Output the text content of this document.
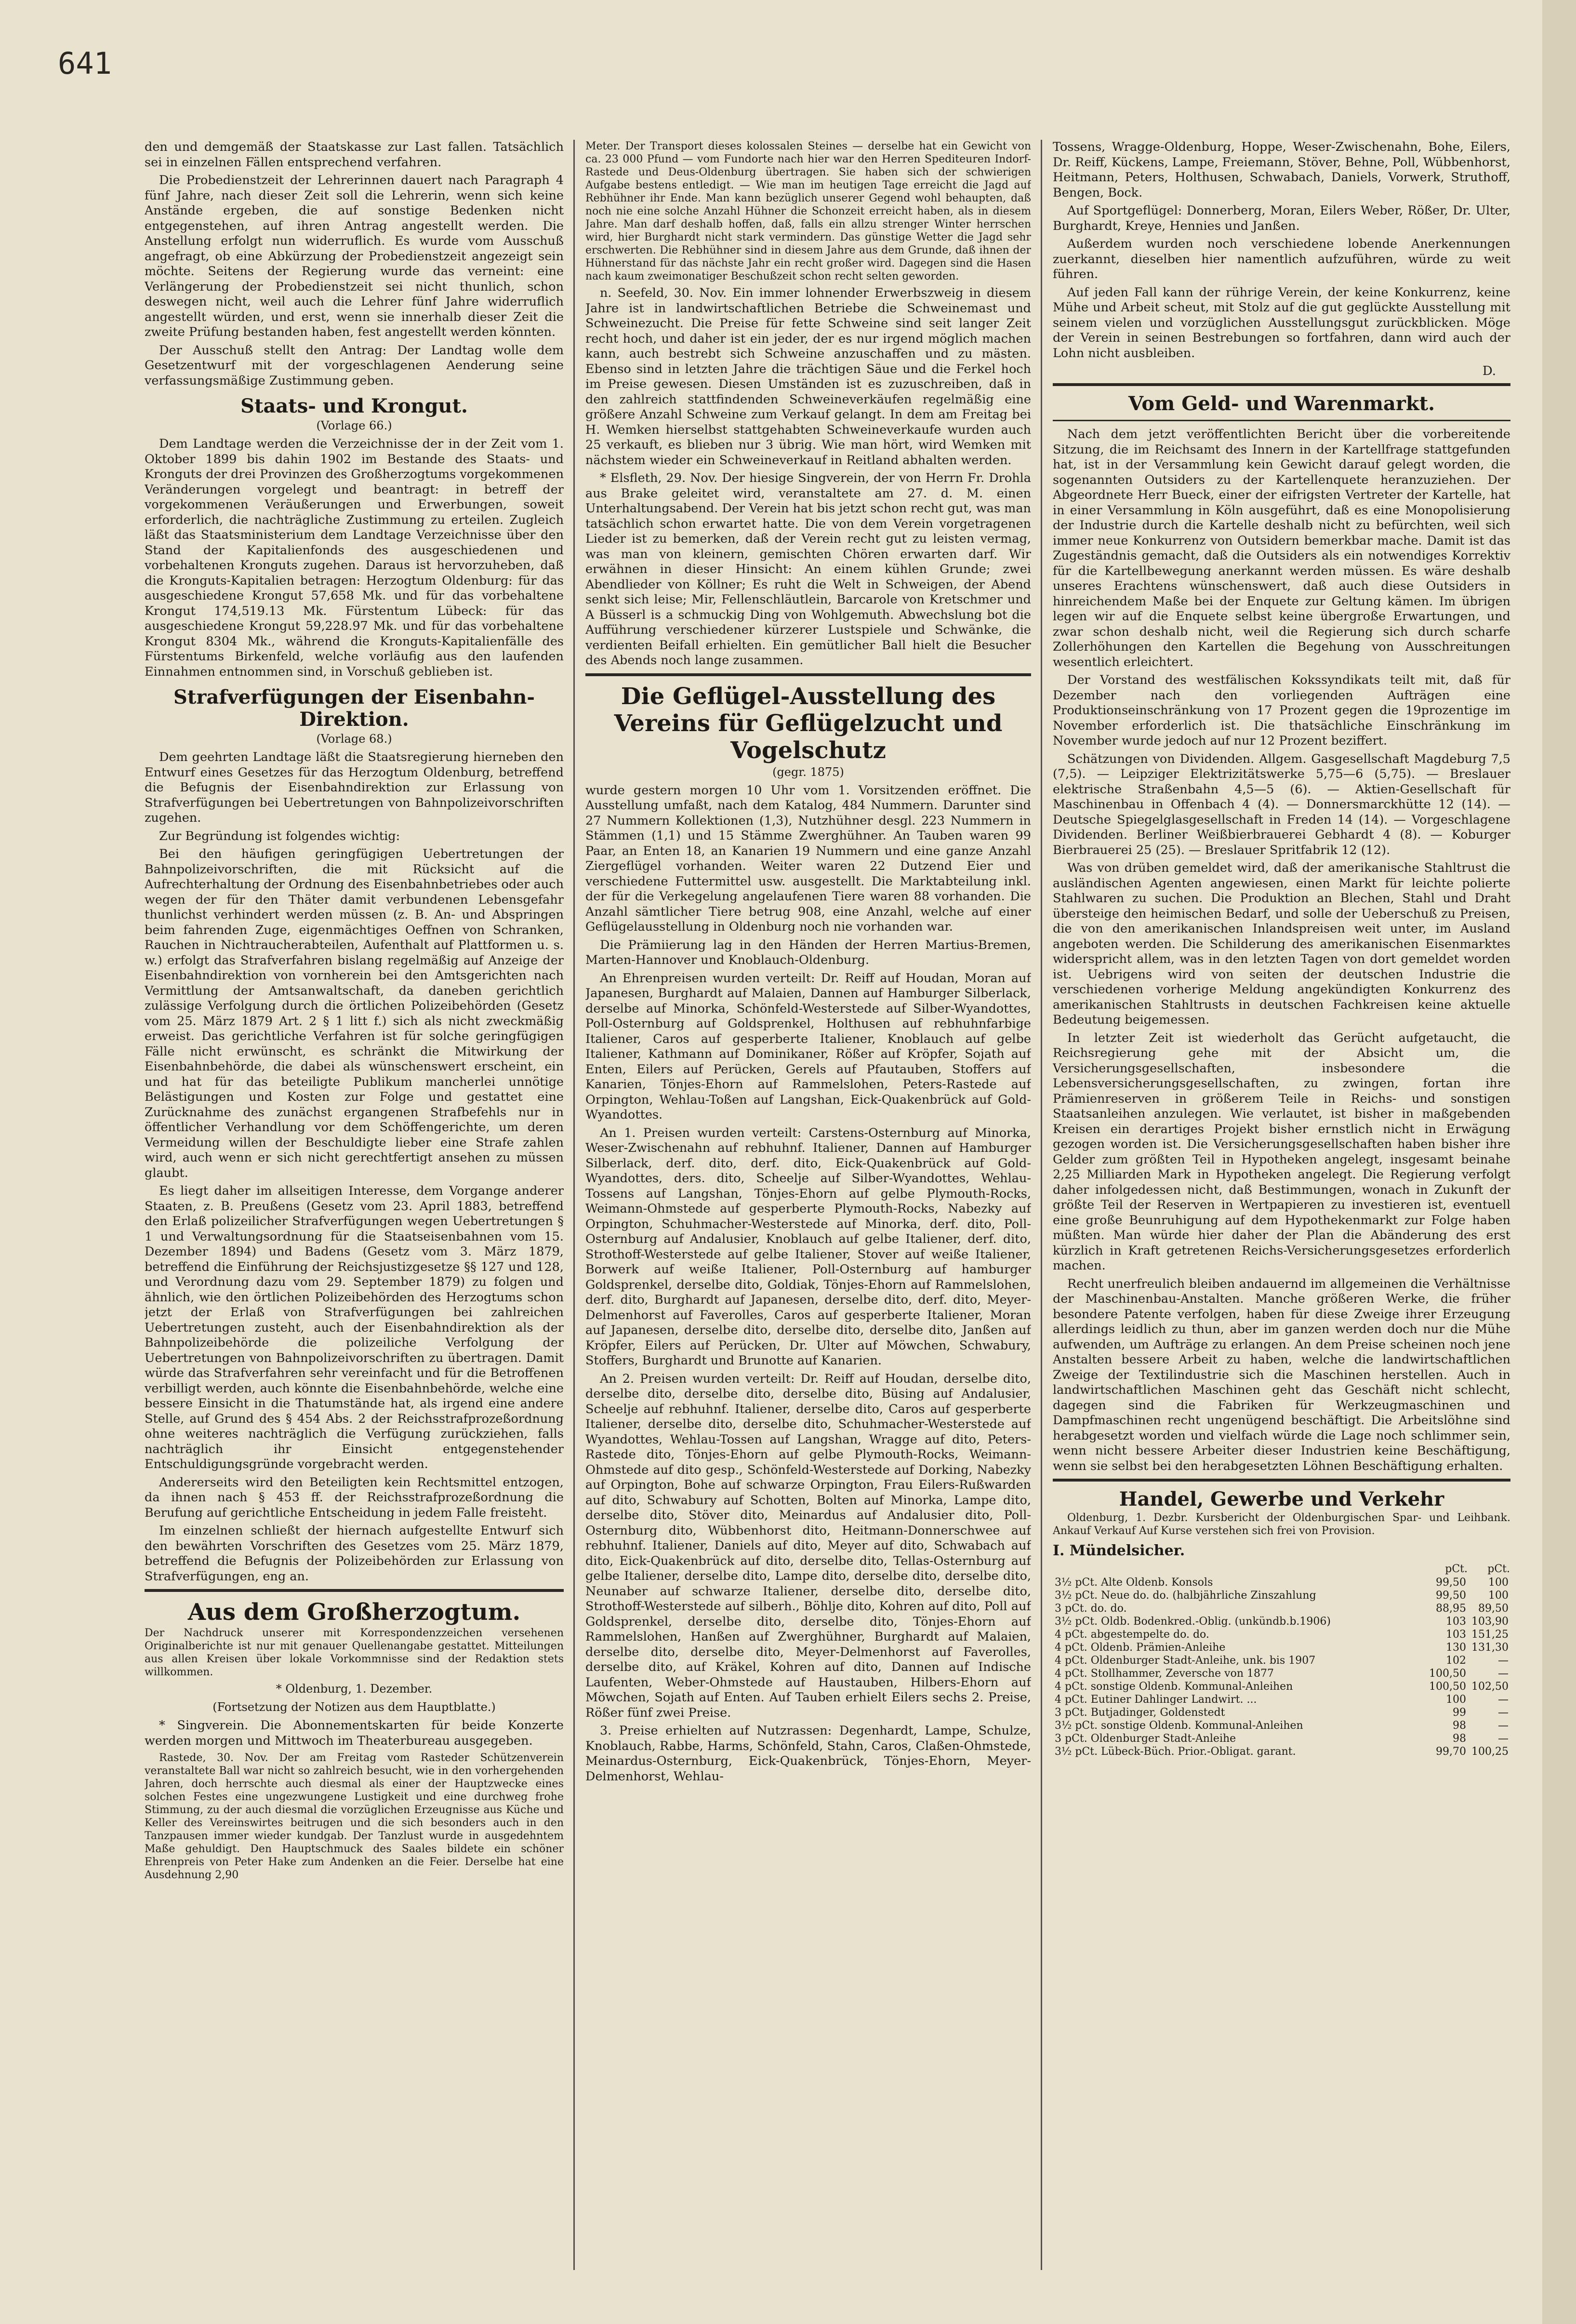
641

den und demgemäß der Staatskasse zur Last fallen. Tatsächlich sei in einzelnen Fällen entsprechend verfahren.

Die Probedienstzeit der Lehrerinnen dauert nach Paragraph 4 fünf Jahre, nach dieser Zeit soll die Lehrerin, wenn sich keine Anstände ergeben, die auf sonstige Bedenken nicht entgegenstehen, auf ihren Antrag angestellt werden. Die Anstellung erfolgt nun widerruflich. Es wurde vom Ausschuß angefragt, ob eine Abkürzung der Probedienstzeit angezeigt sein möchte. Seitens der Regierung wurde das verneint: eine Verlängerung der Probedienstzeit sei nicht thunlich, schon deswegen nicht, weil auch die Lehrer fünf Jahre widerruflich angestellt würden, und erst, wenn sie innerhalb dieser Zeit die zweite Prüfung bestanden haben, fest angestellt werden könnten.

Der Ausschuß stellt den Antrag: Der Landtag wolle dem Gesetzentwurf mit der vorgeschlagenen Aenderung seine verfassungsmäßige Zustimmung geben.

Staats- und Krongut.
(Vorlage 66.)

Dem Landtage werden die Verzeichnisse der in der Zeit vom 1. Oktober 1899 bis dahin 1902 im Bestande des Staats- und Kronguts der drei Provinzen des Großherzogtums vorgekommenen Veränderungen vorgelegt und beantragt: in betreff der vorgekommenen Veräußerungen und Erwerbungen, soweit erforderlich, die nachträgliche Zustimmung zu erteilen. Zugleich läßt das Staatsministerium dem Landtage Verzeichnisse über den Stand der Kapitalienfonds des ausgeschiedenen und vorbehaltenen Kronguts zugehen. Daraus ist hervorzuheben, daß die Kronguts-Kapitalien betragen: Herzogtum Oldenburg: für das ausgeschiedene Krongut 57,658 Mk. und für das vorbehaltene Krongut 174,519.13 Mk. Fürstentum Lübeck: für das ausgeschiedene Krongut 59,228.97 Mk. und für das vorbehaltene Krongut 8304 Mk., während die Kronguts-Kapitalienfälle des Fürstentums Birkenfeld, welche vorläufig aus den laufenden Einnahmen entnommen sind, in Vorschuß geblieben ist.

Strafverfügungen der Eisenbahn-Direktion.
(Vorlage 68.)

Dem geehrten Landtage läßt die Staatsregierung hierneben den Entwurf eines Gesetzes für das Herzogtum Oldenburg, betreffend die Befugnis der Eisenbahndirektion zur Erlassung von Strafverfügungen bei Uebertretungen von Bahnpolizeivorschriften zugehen.

Zur Begründung ist folgendes wichtig:

Bei den häufigen geringfügigen Uebertretungen der Bahnpolizeivorschriften, die mit Rücksicht auf die Aufrechterhaltung der Ordnung des Eisenbahnbetriebes oder auch wegen der für den Thäter damit verbundenen Lebensgefahr thunlichst verhindert werden müssen (z. B. An- und Abspringen beim fahrenden Zuge, eigenmächtiges Oeffnen von Schranken, Rauchen in Nichtraucherabteilen, Aufenthalt auf Plattformen u. s. w.) erfolgt das Strafverfahren bislang regelmäßig auf Anzeige der Eisenbahndirektion von vornherein bei den Amtsgerichten nach Vermittlung der Amtsanwaltschaft, da daneben gerichtlich zulässige Verfolgung durch die örtlichen Polizeibehörden (Gesetz vom 25. März 1879 Art. 2 § 1 litt f.) sich als nicht zweckmäßig erweist. Das gerichtliche Verfahren ist für solche geringfügigen Fälle nicht erwünscht, es schränkt die Mitwirkung der Eisenbahnbehörde, die dabei als wünschenswert erscheint, ein und hat für das beteiligte Publikum mancherlei unnötige Belästigungen und Kosten zur Folge und gestattet eine Zurücknahme des zunächst ergangenen Strafbefehls nur in öffentlicher Verhandlung vor dem Schöffengerichte, um deren Vermeidung willen der Beschuldigte lieber eine Strafe zahlen wird, auch wenn er sich nicht gerechtfertigt ansehen zu müssen glaubt.

Es liegt daher im allseitigen Interesse, dem Vorgange anderer Staaten, z. B. Preußens (Gesetz vom 23. April 1883, betreffend den Erlaß polizeilicher Strafverfügungen wegen Uebertretungen § 1 und Verwaltungsordnung für die Staatseisenbahnen vom 15. Dezember 1894) und Badens (Gesetz vom 3. März 1879, betreffend die Einführung der Reichsjustizgesetze §§ 127 und 128, und Verordnung dazu vom 29. September 1879) zu folgen und ähnlich, wie den örtlichen Polizeibehörden des Herzogtums schon jetzt der Erlaß von Strafverfügungen bei zahlreichen Uebertretungen zusteht, auch der Eisenbahndirektion als der Bahnpolizeibehörde die polizeiliche Verfolgung der Uebertretungen von Bahnpolizeivorschriften zu übertragen. Damit würde das Strafverfahren sehr vereinfacht und für die Betroffenen verbilligt werden, auch könnte die Eisenbahnbehörde, welche eine bessere Einsicht in die Thatumstände hat, als irgend eine andere Stelle, auf Grund des § 454 Abs. 2 der Reichsstrafprozeßordnung ohne weiteres nachträglich die Verfügung zurückziehen, falls nachträglich ihr Einsicht entgegenstehender Entschuldigungsgründe vorgebracht werden.

Andererseits wird den Beteiligten kein Rechtsmittel entzogen, da ihnen nach § 453 ff. der Reichsstrafprozeßordnung die Berufung auf gerichtliche Entscheidung in jedem Falle freisteht.

Im einzelnen schließt der hiernach aufgestellte Entwurf sich den bewährten Vorschriften des Gesetzes vom 25. März 1879, betreffend die Befugnis der Polizeibehörden zur Erlassung von Strafverfügungen, eng an.

Aus dem Großherzogtum.

Der Nachdruck unserer mit Korrespondenzzeichen versehenen Originalberichte ist nur mit genauer Quellenangabe gestattet. Mitteilungen aus allen Kreisen über lokale Vorkommnisse sind der Redaktion stets willkommen.

* Oldenburg, 1. Dezember.
(Fortsetzung der Notizen aus dem Hauptblatte.)

* Singverein. Die Abonnementskarten für beide Konzerte werden morgen und Mittwoch im Theaterbureau ausgegeben.

Rastede, 30. Nov. Der am Freitag vom Rasteder Schützenverein veranstaltete Ball war nicht so zahlreich besucht, wie in den vorhergehenden Jahren, doch herrschte auch diesmal als einer der Hauptzwecke eines solchen Festes eine ungezwungene Lustigkeit und eine durchweg frohe Stimmung, zu der auch diesmal die vorzüglichen Erzeugnisse aus Küche und Keller des Vereinswirtes beitrugen und die sich besonders auch in den Tanzpausen immer wieder kundgab. Der Tanzlust wurde in ausgedehntem Maße gehuldigt. Den Hauptschmuck des Saales bildete ein schöner Ehrenpreis von Peter Hake zum Andenken an die Feier. Derselbe hat eine Ausdehnung 2,90

Meter. Der Transport dieses kolossalen Steines — derselbe hat ein Gewicht von ca. 23 000 Pfund — vom Fundorte nach hier war den Herren Spediteuren Indorf-Rastede und Deus-Oldenburg übertragen. Sie haben sich der schwierigen Aufgabe bestens entledigt. — Wie man im heutigen Tage erreicht die Jagd auf Rebhühner ihr Ende. Man kann bezüglich unserer Gegend wohl behaupten, daß noch nie eine solche Anzahl Hühner die Schonzeit erreicht haben, als in diesem Jahre. Man darf deshalb hoffen, daß, falls ein allzu strenger Winter herrschen wird, hier Burghardt nicht stark vermindern. Das günstige Wetter die Jagd sehr erschwerten. Die Rebhühner sind in diesem Jahre aus dem Grunde, daß ihnen der Hühnerstand für das nächste Jahr ein recht großer wird. Dagegen sind die Hasen nach kaum zweimonatiger Beschußzeit schon recht selten geworden.

n. Seefeld, 30. Nov. Ein immer lohnender Erwerbszweig in diesem Jahre ist in landwirtschaftlichen Betriebe die Schweinemast und Schweinezucht. Die Preise für fette Schweine sind seit langer Zeit recht hoch, und daher ist ein jeder, der es nur irgend möglich machen kann, auch bestrebt sich Schweine anzuschaffen und zu mästen. Ebenso sind in letzten Jahre die trächtigen Säue und die Ferkel hoch im Preise gewesen. Diesen Umständen ist es zuzuschreiben, daß in den zahlreich stattfindenden Schweineverkäufen regelmäßig eine größere Anzahl Schweine zum Verkauf gelangt. In dem am Freitag bei H. Wemken hierselbst stattgehabten Schweineverkaufe wurden auch 25 verkauft, es blieben nur 3 übrig. Wie man hört, wird Wemken mit nächstem wieder ein Schweineverkauf in Reitland abhalten werden.

* Elsfleth, 29. Nov. Der hiesige Singverein, der von Herrn Fr. Drohla aus Brake geleitet wird, veranstaltete am 27. d. M. einen Unterhaltungsabend. Der Verein hat bis jetzt schon recht gut, was man tatsächlich schon erwartet hatte. Die von dem Verein vorgetragenen Lieder ist zu bemerken, daß der Verein recht gut zu leisten vermag, was man von kleinern, gemischten Chören erwarten darf. Wir erwähnen in dieser Hinsicht: An einem kühlen Grunde; zwei Abendlieder von Köllner; Es ruht die Welt in Schweigen, der Abend senkt sich leise; Mir, Fellenschläutlein, Barcarole von Kretschmer und A Büsserl is a schmuckig Ding von Wohlgemuth. Abwechslung bot die Aufführung verschiedener kürzerer Lustspiele und Schwänke, die verdienten Beifall erhielten. Ein gemütlicher Ball hielt die Besucher des Abends noch lange zusammen.

Die Geflügel-Ausstellung des Vereins für Geflügelzucht und Vogelschutz
(gegr. 1875)

wurde gestern morgen 10 Uhr vom 1. Vorsitzenden eröffnet. Die Ausstellung umfaßt, nach dem Katalog, 484 Nummern. Darunter sind 27 Nummern Kollektionen (1,3), Nutzhühner desgl. 223 Nummern in Stämmen (1,1) und 15 Stämme Zwerghühner. An Tauben waren 99 Paar, an Enten 18, an Kanarien 19 Nummern und eine ganze Anzahl Ziergeflügel vorhanden. Weiter waren 22 Dutzend Eier und verschiedene Futtermittel usw. ausgestellt. Die Marktabteilung inkl. der für die Verkegelung angelaufenen Tiere waren 88 vorhanden. Die Anzahl sämtlicher Tiere betrug 908, eine Anzahl, welche auf einer Geflügelausstellung in Oldenburg noch nie vorhanden war.

Die Prämiierung lag in den Händen der Herren Martius-Bremen, Marten-Hannover und Knoblauch-Oldenburg.

An Ehrenpreisen wurden verteilt: Dr. Reiff auf Houdan, Moran auf Japanesen, Burghardt auf Malaien, Dannen auf Hamburger Silberlack, derselbe auf Minorka, Schönfeld-Westerstede auf Silber-Wyandottes, Poll-Osternburg auf Goldsprenkel, Holthusen auf rebhuhnfarbige Italiener, Caros auf gesperberte Italiener, Knoblauch auf gelbe Italiener, Kathmann auf Dominikaner, Rößer auf Kröpfer, Sojath auf Enten, Eilers auf Perücken, Gerels auf Pfautauben, Stoffers auf Kanarien, Tönjes-Ehorn auf Rammelslohen, Peters-Rastede auf Orpington, Wehlau-Toßen auf Langshan, Eick-Quakenbrück auf Gold-Wyandottes.

An 1. Preisen wurden verteilt: Carstens-Osternburg auf Minorka, Weser-Zwischenahn auf rebhuhnf. Italiener, Dannen auf Hamburger Silberlack, derf. dito, derf. dito, Eick-Quakenbrück auf Gold-Wyandottes, ders. dito, Scheelje auf Silber-Wyandottes, Wehlau-Tossens auf Langshan, Tönjes-Ehorn auf gelbe Plymouth-Rocks, Weimann-Ohmstede auf gesperberte Plymouth-Rocks, Nabezky auf Orpington, Schuhmacher-Westerstede auf Minorka, derf. dito, Poll-Osternburg auf Andalusier, Knoblauch auf gelbe Italiener, derf. dito, Strothoff-Westerstede auf gelbe Italiener, Stover auf weiße Italiener, Borwerk auf weiße Italiener, Poll-Osternburg auf hamburger Goldsprenkel, derselbe dito, Goldiak, Tönjes-Ehorn auf Rammelslohen, derf. dito, Burghardt auf Japanesen, derselbe dito, derf. dito, Meyer-Delmenhorst auf Faverolles, Caros auf gesperberte Italiener, Moran auf Japanesen, derselbe dito, derselbe dito, derselbe dito, Janßen auf Kröpfer, Eilers auf Perücken, Dr. Ulter auf Möwchen, Schwabury, Stoffers, Burghardt und Brunotte auf Kanarien.

An 2. Preisen wurden verteilt: Dr. Reiff auf Houdan, derselbe dito, derselbe dito, derselbe dito, derselbe dito, Büsing auf Andalusier, Scheelje auf rebhuhnf. Italiener, derselbe dito, Caros auf gesperberte Italiener, derselbe dito, derselbe dito, Schuhmacher-Westerstede auf Wyandottes, Wehlau-Tossen auf Langshan, Wragge auf dito, Peters-Rastede dito, Tönjes-Ehorn auf gelbe Plymouth-Rocks, Weimann-Ohmstede auf dito gesp., Schönfeld-Westerstede auf Dorking, Nabezky auf Orpington, Bohe auf schwarze Orpington, Frau Eilers-Rußwarden auf dito, Schwabury auf Schotten, Bolten auf Minorka, Lampe dito, derselbe dito, Stöver dito, Meinardus auf Andalusier dito, Poll-Osternburg dito, Wübbenhorst dito, Heitmann-Donnerschwee auf rebhuhnf. Italiener, Daniels auf dito, Meyer auf dito, Schwabach auf dito, Eick-Quakenbrück auf dito, derselbe dito, Tellas-Osternburg auf gelbe Italiener, derselbe dito, Lampe dito, derselbe dito, derselbe dito, Neunaber auf schwarze Italiener, derselbe dito, derselbe dito, Strothoff-Westerstede auf silberh., Böhlje dito, Kohren auf dito, Poll auf Goldsprenkel, derselbe dito, derselbe dito, Tönjes-Ehorn auf Rammelslohen, Hanßen auf Zwerghühner, Burghardt auf Malaien, derselbe dito, derselbe dito, Meyer-Delmenhorst auf Faverolles, derselbe dito, auf Kräkel, Kohren auf dito, Dannen auf Indische Laufenten, Weber-Ohmstede auf Haustauben, Hilbers-Ehorn auf Möwchen, Sojath auf Enten. Auf Tauben erhielt Eilers sechs 2. Preise, Rößer fünf zwei Preise.

3. Preise erhielten auf Nutzrassen: Degenhardt, Lampe, Schulze, Knoblauch, Rabbe, Harms, Schönfeld, Stahn, Caros, Claßen-Ohmstede, Meinardus-Osternburg, Eick-Quakenbrück, Tönjes-Ehorn, Meyer-Delmenhorst, Wehlau-

Tossens, Wragge-Oldenburg, Hoppe, Weser-Zwischenahn, Bohe, Eilers, Dr. Reiff, Kückens, Lampe, Freiemann, Stöver, Behne, Poll, Wübbenhorst, Heitmann, Peters, Holthusen, Schwabach, Daniels, Vorwerk, Struthoff, Bengen, Bock.

Auf Sportgeflügel: Donnerberg, Moran, Eilers Weber, Rößer, Dr. Ulter, Burghardt, Kreye, Hennies und Janßen.

Außerdem wurden noch verschiedene lobende Anerkennungen zuerkannt, dieselben hier namentlich aufzuführen, würde zu weit führen.

Auf jeden Fall kann der rührige Verein, der keine Konkurrenz, keine Mühe und Arbeit scheut, mit Stolz auf die gut geglückte Ausstellung mit seinem vielen und vorzüglichen Ausstellungsgut zurückblicken. Möge der Verein in seinen Bestrebungen so fortfahren, dann wird auch der Lohn nicht ausbleiben.

D.
Vom Geld- und Warenmarkt.

Nach dem jetzt veröffentlichten Bericht über die vorbereitende Sitzung, die im Reichsamt des Innern in der Kartellfrage stattgefunden hat, ist in der Versammlung kein Gewicht darauf gelegt worden, die sogenannten Outsiders zu der Kartellenquete heranzuziehen. Der Abgeordnete Herr Bueck, einer der eifrigsten Vertreter der Kartelle, hat in einer Versammlung in Köln ausgeführt, daß es eine Monopolisierung der Industrie durch die Kartelle deshalb nicht zu befürchten, weil sich immer neue Konkurrenz von Outsidern bemerkbar mache. Damit ist das Zugeständnis gemacht, daß die Outsiders als ein notwendiges Korrektiv für die Kartellbewegung anerkannt werden müssen. Es wäre deshalb unseres Erachtens wünschenswert, daß auch diese Outsiders in hinreichendem Maße bei der Enquete zur Geltung kämen. Im übrigen legen wir auf die Enquete selbst keine übergroße Erwartungen, und zwar schon deshalb nicht, weil die Regierung sich durch scharfe Zollerhöhungen den Kartellen die Begehung von Ausschreitungen wesentlich erleichtert.

Der Vorstand des westfälischen Kokssyndikats teilt mit, daß für Dezember nach den vorliegenden Aufträgen eine Produktionseinschränkung von 17 Prozent gegen die 19prozentige im November erforderlich ist. Die thatsächliche Einschränkung im November wurde jedoch auf nur 12 Prozent beziffert.

Schätzungen von Dividenden. Allgem. Gasgesellschaft Magdeburg 7,5 (7,5). — Leipziger Elektrizitätswerke 5,75—6 (5,75). — Breslauer elektrische Straßenbahn 4,5—5 (6). — Aktien-Gesellschaft für Maschinenbau in Offenbach 4 (4). — Donnersmarckhütte 12 (14). — Deutsche Spiegelglasgesellschaft in Freden 14 (14). — Vorgeschlagene Dividenden. Berliner Weißbierbrauerei Gebhardt 4 (8). — Koburger Bierbrauerei 25 (25). — Breslauer Spritfabrik 12 (12).

Was von drüben gemeldet wird, daß der amerikanische Stahltrust die ausländischen Agenten angewiesen, einen Markt für leichte polierte Stahlwaren zu suchen. Die Produktion an Blechen, Stahl und Draht übersteige den heimischen Bedarf, und solle der Ueberschuß zu Preisen, die von den amerikanischen Inlandspreisen weit unter, im Ausland angeboten werden. Die Schilderung des amerikanischen Eisenmarktes widerspricht allem, was in den letzten Tagen von dort gemeldet worden ist. Uebrigens wird von seiten der deutschen Industrie die verschiedenen vorherige Meldung angekündigten Konkurrenz des amerikanischen Stahltrusts in deutschen Fachkreisen keine aktuelle Bedeutung beigemessen.

In letzter Zeit ist wiederholt das Gerücht aufgetaucht, die Reichsregierung gehe mit der Absicht um, die Versicherungsgesellschaften, insbesondere die Lebensversicherungsgesellschaften, zu zwingen, fortan ihre Prämienreserven in größerem Teile in Reichs- und sonstigen Staatsanleihen anzulegen. Wie verlautet, ist bisher in maßgebenden Kreisen ein derartiges Projekt bisher ernstlich nicht in Erwägung gezogen worden ist. Die Versicherungsgesellschaften haben bisher ihre Gelder zum größten Teil in Hypotheken angelegt, insgesamt beinahe 2,25 Milliarden Mark in Hypotheken angelegt. Die Regierung verfolgt daher infolgedessen nicht, daß Bestimmungen, wonach in Zukunft der größte Teil der Reserven in Wertpapieren zu investieren ist, eventuell eine große Beunruhigung auf dem Hypothekenmarkt zur Folge haben müßten. Man würde hier daher der Plan die Abänderung des erst kürzlich in Kraft getretenen Reichs-Versicherungsgesetzes erforderlich machen.

Recht unerfreulich bleiben andauernd im allgemeinen die Verhältnisse der Maschinenbau-Anstalten. Manche größeren Werke, die früher besondere Patente verfolgen, haben für diese Zweige ihrer Erzeugung allerdings leidlich zu thun, aber im ganzen werden doch nur die Mühe aufwenden, um Aufträge zu erlangen. An dem Preise scheinen noch jene Anstalten bessere Arbeit zu haben, welche die landwirtschaftlichen Zweige der Textilindustrie sich die Maschinen herstellen. Auch in landwirtschaftlichen Maschinen geht das Geschäft nicht schlecht, dagegen sind die Fabriken für Werkzeugmaschinen und Dampfmaschinen recht ungenügend beschäftigt. Die Arbeitslöhne sind herabgesetzt worden und vielfach würde die Lage noch schlimmer sein, wenn nicht bessere Arbeiter dieser Industrien keine Beschäftigung, wenn sie selbst bei den herabgesetzten Löhnen Beschäftigung erhalten.

Handel, Gewerbe und Verkehr

Oldenburg, 1. Dezbr. Kursbericht der Oldenburgischen Spar- und Leihbank. Ankauf Verkauf Auf Kurse verstehen sich frei von Provision.

I. Mündelsicher.
	pCt.	pCt.
3½ pCt. Alte Oldenb. Konsols	99,50	100
3½ pCt. Neue do. do. (halbjährliche Zinszahlung	99,50	100
3 pCt. do. do.	88,95	89,50
3½ pCt. Oldb. Bodenkred.-Oblig. (unkündb.b.1906)	103	103,90
4 pCt. abgestempelte do. do.	103	151,25
4 pCt. Oldenb. Prämien-Anleihe	130	131,30
4 pCt. Oldenburger Stadt-Anleihe, unk. bis 1907	102	—
4 pCt. Stollhammer, Zeversche von 1877	100,50	—
4 pCt. sonstige Oldenb. Kommunal-Anleihen	100,50	102,50
4 pCt. Eutiner Dahlinger Landwirt. ...	100	—
3 pCt. Butjadinger, Goldenstedt	99	—
3½ pCt. sonstige Oldenb. Kommunal-Anleihen	98	—
3 pCt. Oldenburger Stadt-Anleihe	98	—
3½ pCt. Lübeck-Büch. Prior.-Obligat. garant.	99,70	100,25
